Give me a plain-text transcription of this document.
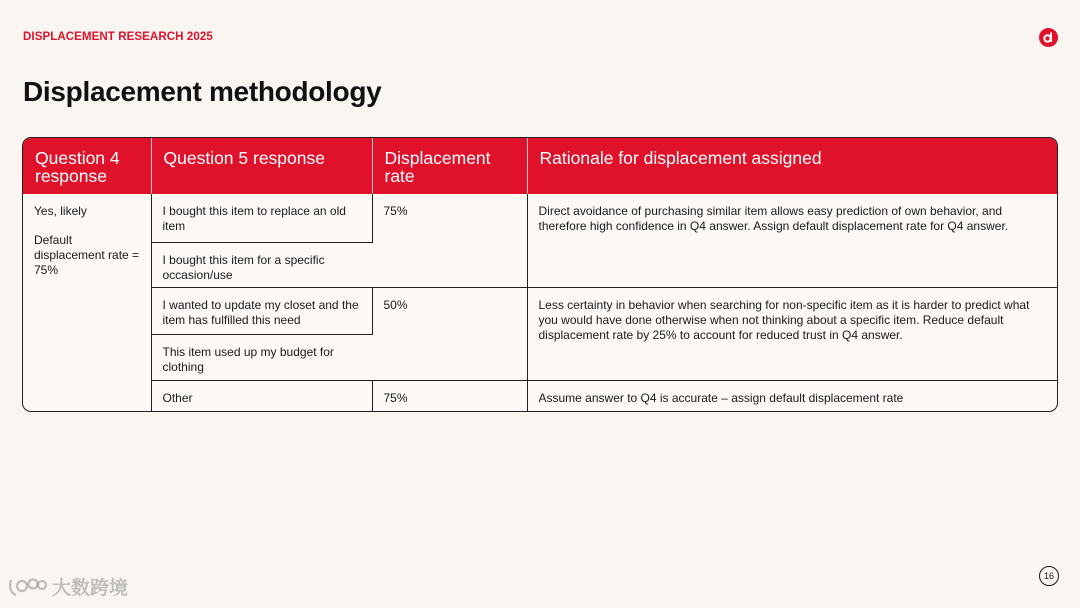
DISPLACEMENT RESEARCH 2025
Displacement methodology
Question 4 response	Question 5 response	Displacement rate	Rationale for displacement assigned

Yes, likely
Default displacement rate = 75%	I bought this item to replace an old item	75%	Direct avoidance of purchasing similar item allows easy prediction of own behavior, and therefore high confidence in Q4 answer. Assign default displacement rate for Q4 answer.
	I bought this item for a specific occasion/use		
	I wanted to update my closet and the item has fulfilled this need	50%	Less certainty in behavior when searching for non-specific item as it is harder to predict what you would have done otherwise when not thinking about a specific item. Reduce default displacement rate by 25% to account for reduced trust in Q4 answer.
	This item used up my budget for clothing		
	Other	75%	Assume answer to Q4 is accurate – assign default displacement rate
16
大数跨境
